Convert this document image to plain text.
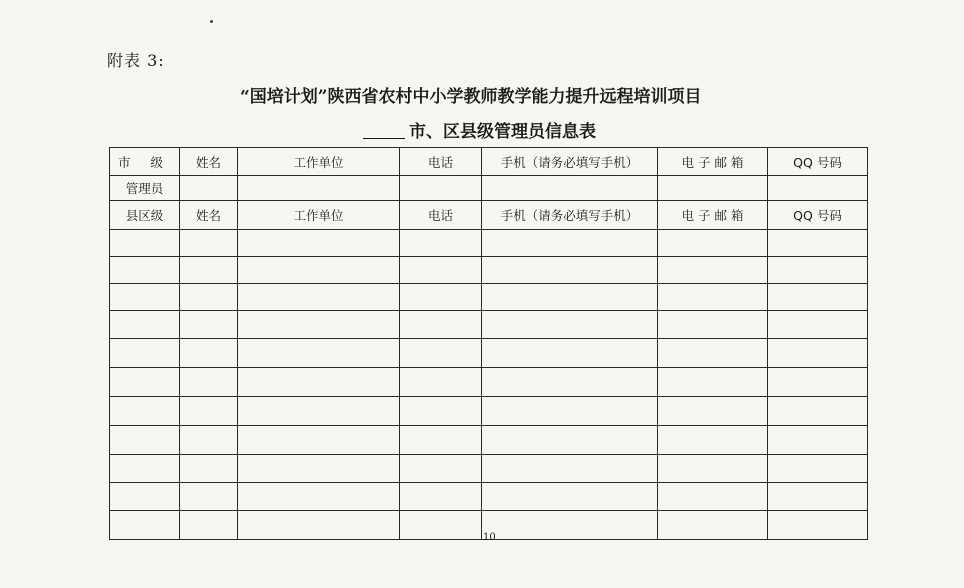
附表 3:
“国培计划”陕西省农村中小学教师教学能力提升远程培训项目
市、区县级管理员信息表
市 级	姓名	工作单位	电话	手机（请务必填写手机）	电 子 邮 箱	QQ 号码
管理员						
县区级	姓名	工作单位	电话	手机（请务必填写手机）	电 子 邮 箱	QQ 号码

10
